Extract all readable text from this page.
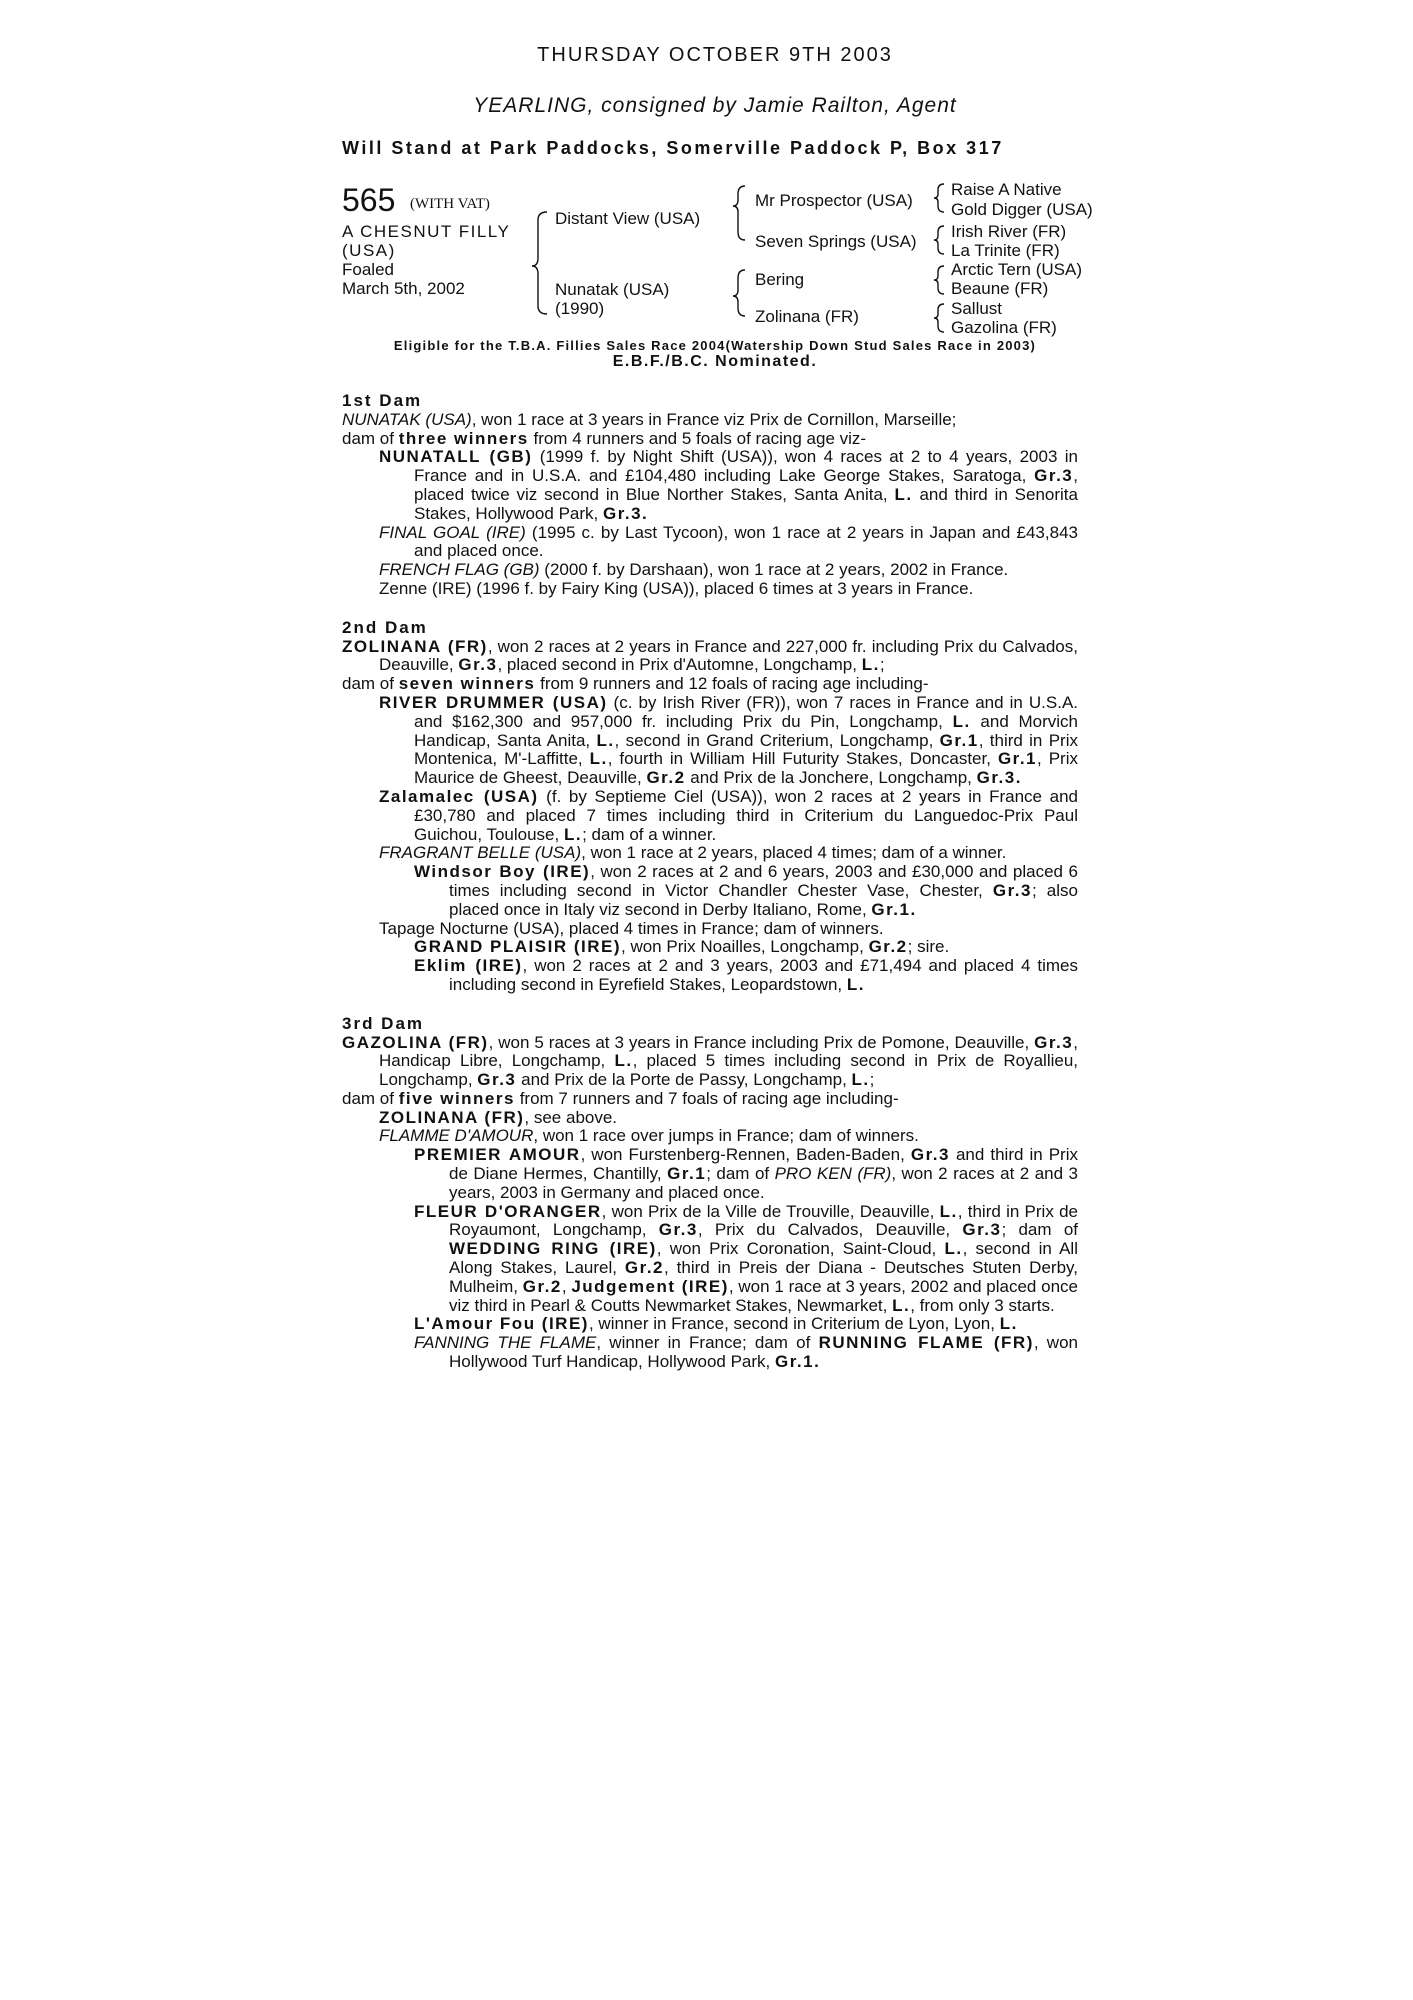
THURSDAY OCTOBER 9TH 2003
YEARLING, consigned by Jamie Railton, Agent
Will Stand at Park Paddocks, Somerville Paddock P, Box 317
565 (WITH VAT)
A CHESNUT FILLY
(USA)
Foaled
March 5th, 2002
Distant View (USA)
Nunatak (USA)
(1990)
Mr Prospector (USA)
Seven Springs (USA)
Bering
Zolinana (FR)
Raise A Native
Gold Digger (USA)
Irish River (FR)
La Trinite (FR)
Arctic Tern (USA)
Beaune (FR)
Sallust
Gazolina (FR)
Eligible for the T.B.A. Fillies Sales Race 2004(Watership Down Stud Sales Race in 2003)
E.B.F./B.C. Nominated.
1st Dam

NUNATAK (USA), won 1 race at 3 years in France viz Prix de Cornillon, Marseille;

dam of three winners from 4 runners and 5 foals of racing age viz-

NUNATALL (GB) (1999 f. by Night Shift (USA)), won 4 races at 2 to 4 years, 2003 in France and in U.S.A. and £104,480 including Lake George Stakes, Saratoga, Gr.3, placed twice viz second in Blue Norther Stakes, Santa Anita, L. and third in Senorita Stakes, Hollywood Park, Gr.3.

FINAL GOAL (IRE) (1995 c. by Last Tycoon), won 1 race at 2 years in Japan and £43,843 and placed once.

FRENCH FLAG (GB) (2000 f. by Darshaan), won 1 race at 2 years, 2002 in France.

Zenne (IRE) (1996 f. by Fairy King (USA)), placed 6 times at 3 years in France.

2nd Dam

ZOLINANA (FR), won 2 races at 2 years in France and 227,000 fr. including Prix du Calvados, Deauville, Gr.3, placed second in Prix d'Automne, Longchamp, L.;

dam of seven winners from 9 runners and 12 foals of racing age including-

RIVER DRUMMER (USA) (c. by Irish River (FR)), won 7 races in France and in U.S.A. and $162,300 and 957,000 fr. including Prix du Pin, Longchamp, L. and Morvich Handicap, Santa Anita, L., second in Grand Criterium, Longchamp, Gr.1, third in Prix Montenica, M'-Laffitte, L., fourth in William Hill Futurity Stakes, Doncaster, Gr.1, Prix Maurice de Gheest, Deauville, Gr.2 and Prix de la Jonchere, Longchamp, Gr.3.

Zalamalec (USA) (f. by Septieme Ciel (USA)), won 2 races at 2 years in France and £30,780 and placed 7 times including third in Criterium du Languedoc-Prix Paul Guichou, Toulouse, L.; dam of a winner.

FRAGRANT BELLE (USA), won 1 race at 2 years, placed 4 times; dam of a winner.

Windsor Boy (IRE), won 2 races at 2 and 6 years, 2003 and £30,000 and placed 6 times including second in Victor Chandler Chester Vase, Chester, Gr.3; also placed once in Italy viz second in Derby Italiano, Rome, Gr.1.

Tapage Nocturne (USA), placed 4 times in France; dam of winners.

GRAND PLAISIR (IRE), won Prix Noailles, Longchamp, Gr.2; sire.

Eklim (IRE), won 2 races at 2 and 3 years, 2003 and £71,494 and placed 4 times including second in Eyrefield Stakes, Leopardstown, L.

3rd Dam

GAZOLINA (FR), won 5 races at 3 years in France including Prix de Pomone, Deauville, Gr.3, Handicap Libre, Longchamp, L., placed 5 times including second in Prix de Royallieu, Longchamp, Gr.3 and Prix de la Porte de Passy, Longchamp, L.;

dam of five winners from 7 runners and 7 foals of racing age including-

ZOLINANA (FR), see above.

FLAMME D'AMOUR, won 1 race over jumps in France; dam of winners.

PREMIER AMOUR, won Furstenberg-Rennen, Baden-Baden, Gr.3 and third in Prix de Diane Hermes, Chantilly, Gr.1; dam of PRO KEN (FR), won 2 races at 2 and 3 years, 2003 in Germany and placed once.

FLEUR D'ORANGER, won Prix de la Ville de Trouville, Deauville, L., third in Prix de Royaumont, Longchamp, Gr.3, Prix du Calvados, Deauville, Gr.3; dam of WEDDING RING (IRE), won Prix Coronation, Saint-Cloud, L., second in All Along Stakes, Laurel, Gr.2, third in Preis der Diana - Deutsches Stuten Derby, Mulheim, Gr.2, Judgement (IRE), won 1 race at 3 years, 2002 and placed once viz third in Pearl & Coutts Newmarket Stakes, Newmarket, L., from only 3 starts.

L'Amour Fou (IRE), winner in France, second in Criterium de Lyon, Lyon, L.

FANNING THE FLAME, winner in France; dam of RUNNING FLAME (FR), won Hollywood Turf Handicap, Hollywood Park, Gr.1.
